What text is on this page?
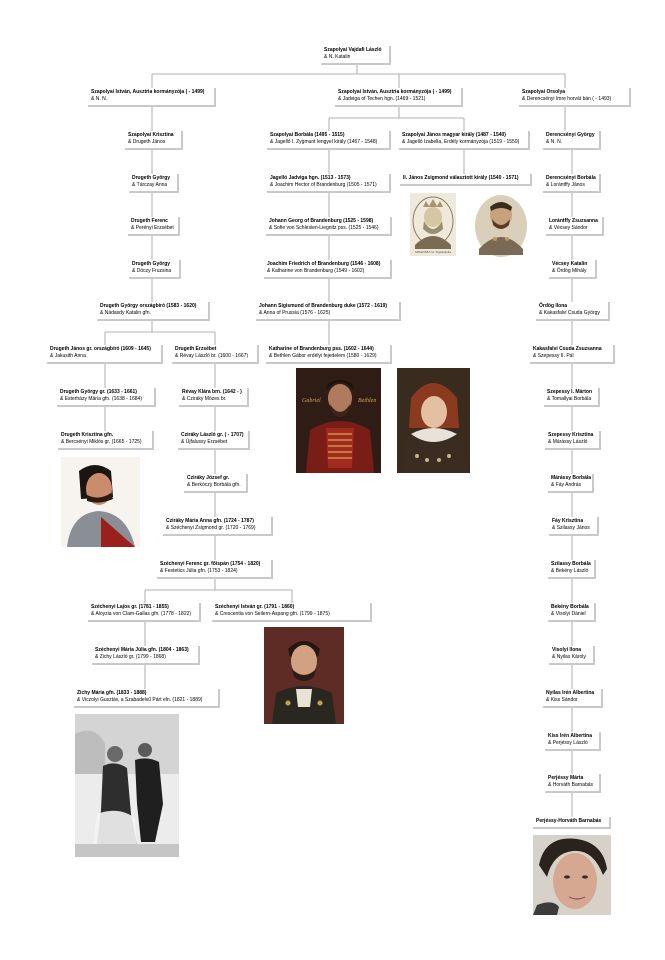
Szapolyai Vajdafi László
& N. Katalin
Szapolyai István, Ausztria kormányzója ( - 1499)
& N. N.
Szapolyai István, Ausztria kormányzója ( - 1499)
& Jadviga of Techen hgn. (1469 - 1521)
Szapolyai Orsolya
& Derencsényi Imre horvát bán ( - 1493)
Szapolyai Krisztina
& Drugeth János
Szapolyai Borbála (1495 - 1515)
& Jagelló I. Zygmunt lengyel király (1467 - 1548)
Szapolyai János magyar király (1487 - 1540)
& Jagelló Izabella, Erdély kormányzója (1519 - 1559)
Derencsényi György
& N. N.
Drugeth György
& Tárczay Anna
Jagelló Jadviga hgn. (1513 - 1573)
& Joachim Hector of Brandenburg (1505 - 1571)
II. János Zsigmond választott király (1540 - 1571)	Derencsényi Borbála
& Lorántffy János
Drugeth Ferenc
& Perényi Erzsébet
Johann Georg of Brandenburg (1525 - 1598)
& Sofie von Schlesien-Liegnitz pss. (1525 - 1546)
Lorántffy Zsuzsanna
& Vécsey Sándor
Drugeth György
& Dóczy Fruzsina
Joachim Friedrich of Brandenburg (1546 - 1608)
& Katharine von Brandenburg (1549 - 1602)
Vécsey Katalin
& Ördög Mihály
Drugeth György országbíró (1583 - 1620)
& Nádasdy Katalin gfn.
Johann Sigismund of Brandenburg duke (1572 - 1619)
& Anna of Prussia (1576 - 1625)
Ördög Ilona
& Kakasfalvi Csuda György
Drugeth János gr. országbíró (1609 - 1645)
& Jakusith Anna
Drugeth Erzsébet
& Révay László br. (1600 - 1667)
Katharine of Brandenburg pss. (1602 - 1644)
& Bethlen Gábor erdélyi fejedelem (1580 - 1629)
Kakasfalvi Csuda Zsuzsanna
& Szepessy II. Pál
Drugeth György gr. (1633 - 1661)
& Esterházy Mária gfn. (1638 - 1684)
Révay Klára brn. (1642 - )
& Cziráky Mózes br.
Szepessy I. Márton
& Tomallyai Borbála
Drugeth Krisztina gfn.
& Bercsényi Miklós gr. (1665 - 1725)
Cziráky László gr. ( - 1707)
& Újfalussy Erzsébet
Szepessy Krisztina
& Márássy László
Cziráky József gr.
& Berkóczy Borbála gfn.
Márássy Borbála
& Fáy András
Cziráky Mária Anna gfn. (1724 - 1787)
& Széchenyi Zsigmond gr. (1720 - 1769)
Fáy Krisztina
& Szilassy János
Széchenyi Ferenc gr. főispán (1754 - 1820)
& Festetics Júlia gfn. (1753 - 1824)
Szilassy Borbála
& Bekény László
Széchenyi Lajos gr. (1781 - 1855)
& Aloyzia von Clam-Gallas gfn. (1778 - 1822)
Széchenyi István gr. (1791 - 1860)
& Crescentia von Seilern-Aspang gfn. (1799 - 1875)
Bekény Borbála
& Visolyi Dániel
Széchenyi Mária Júlia gfn. (1804 - 1863)
& Zichy László gr. (1799 - 1868)
Visolyi Ilona
& Nyilas Károly
Zichy Mária gfn. (1833 - 1888)
& Viczolyi Gusztáv, a Szabadelvű Párt eln. (1821 - 1889)
Nyilas Irén Albertina
& Kiss Sándor
Kiss Irén Albertina
& Perjéssy László
Perjéssy Márta
& Horváth Barnabás
Perjéssy-Horváth Barnabás
JOHANNES Sz. Sigismundus
Gabriel	Bethlen
